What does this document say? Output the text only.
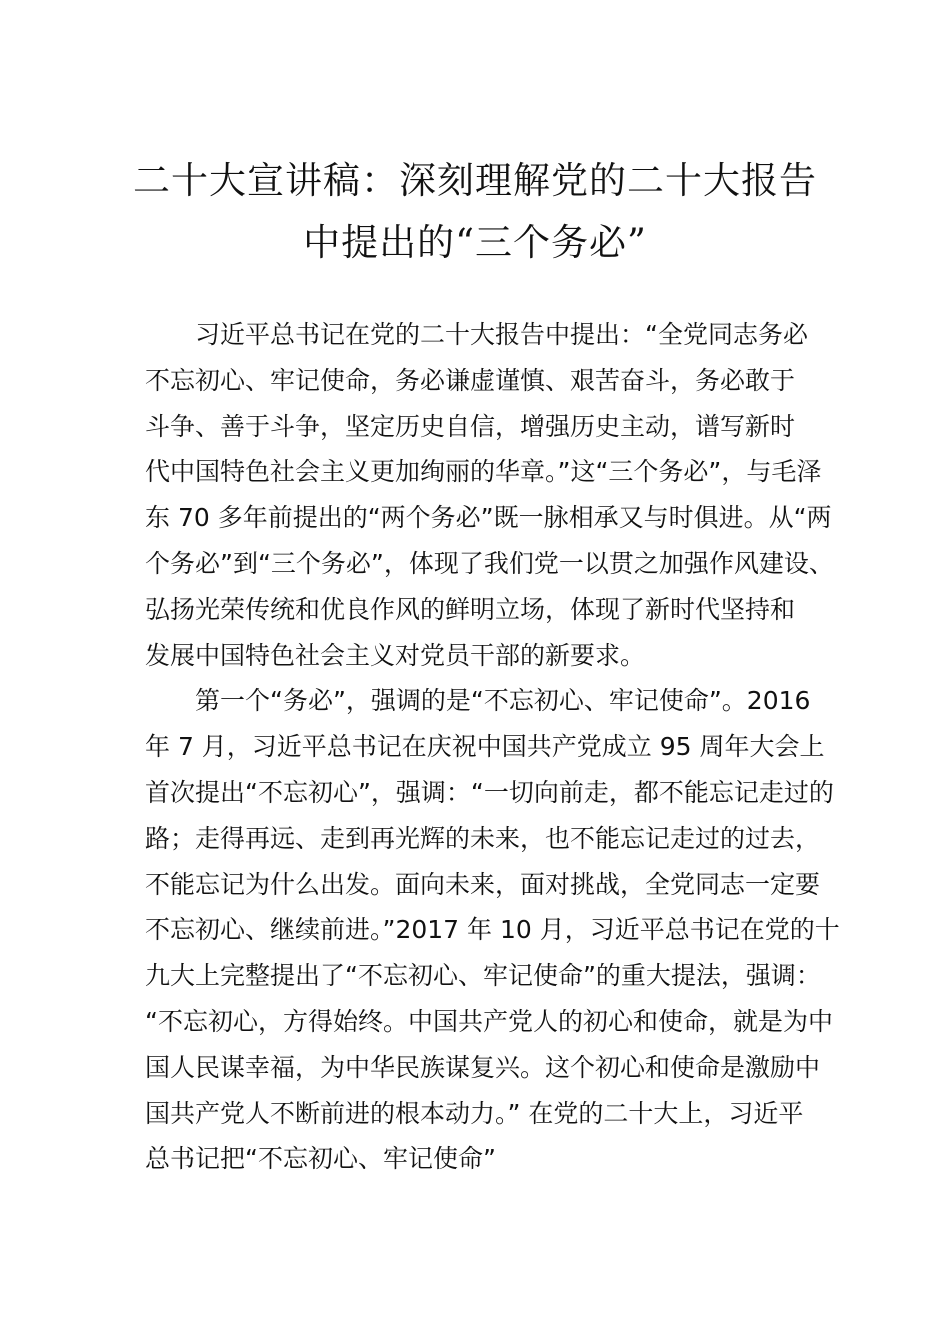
二十大宣讲稿：深刻理解党的二十大报告
中提出的“三个务必”

习近平总书记在党的二十大报告中提出：“全党同志务必
不忘初心、牢记使命，务必谦虚谨慎、艰苦奋斗，务必敢于
斗争、善于斗争，坚定历史自信，增强历史主动，谱写新时
代中国特色社会主义更加绚丽的华章。”这“三个务必”，与毛泽
东 70 多年前提出的“两个务必”既一脉相承又与时俱进。从“两
个务必”到“三个务必”，体现了我们党一以贯之加强作风建设、
弘扬光荣传统和优良作风的鲜明立场，体现了新时代坚持和
发展中国特色社会主义对党员干部的新要求。

第一个“务必”，强调的是“不忘初心、牢记使命”。2016
年 7 月，习近平总书记在庆祝中国共产党成立 95 周年大会上
首次提出“不忘初心”，强调：“一切向前走，都不能忘记走过的
路；走得再远、走到再光辉的未来，也不能忘记走过的过去，
不能忘记为什么出发。面向未来，面对挑战，全党同志一定要
不忘初心、继续前进。”2017 年 10 月，习近平总书记在党的十
九大上完整提出了“不忘初心、牢记使命”的重大提法，强调：
“不忘初心，方得始终。中国共产党人的初心和使命，就是为中
国人民谋幸福，为中华民族谋复兴。这个初心和使命是激励中
国共产党人不断前进的根本动力。” 在党的二十大上，习近平
总书记把“不忘初心、牢记使命”
